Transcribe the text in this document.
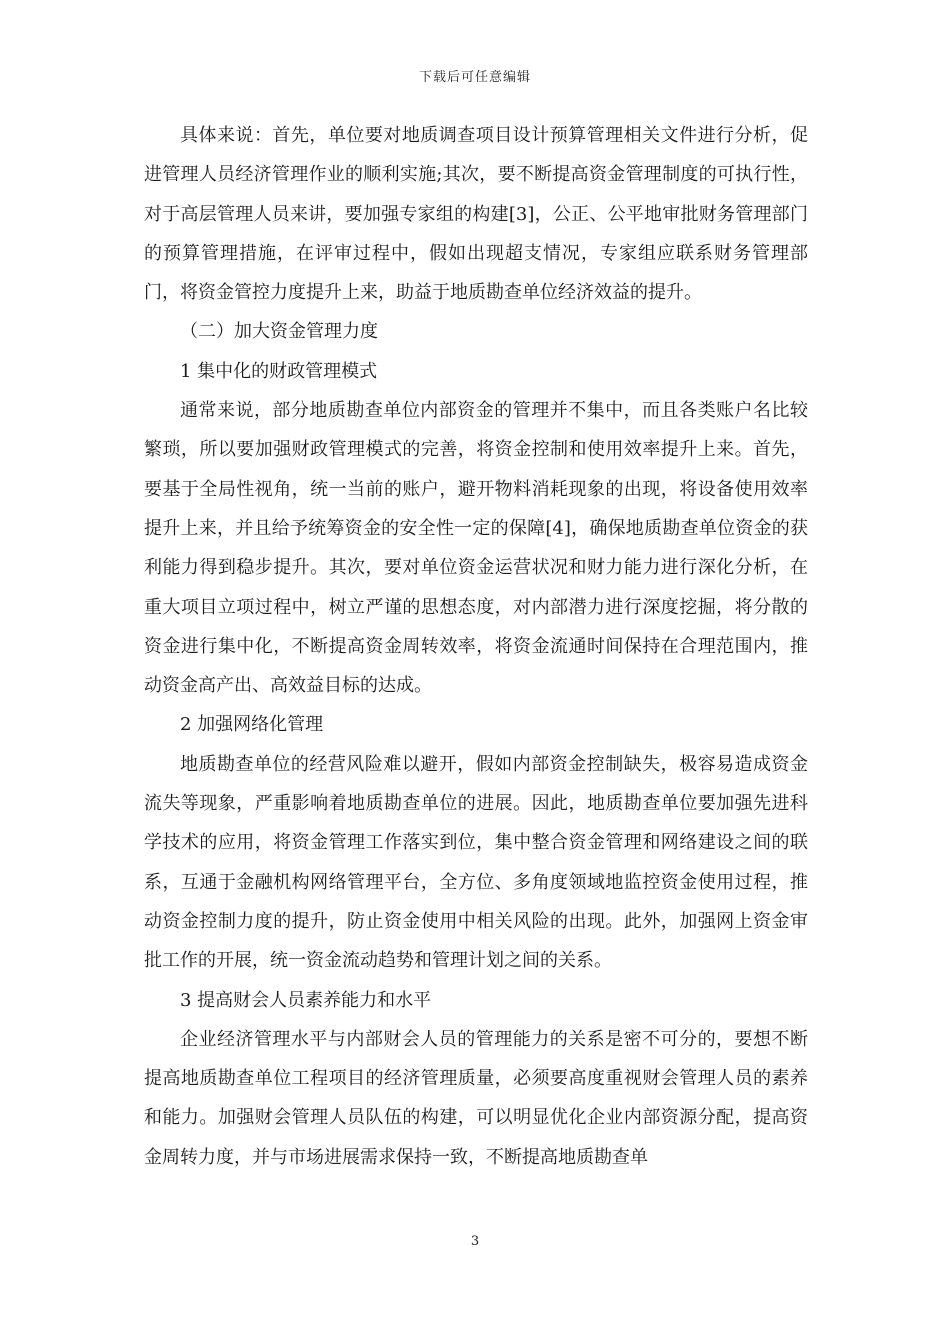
下载后可任意编辑

具体来说：首先，单位要对地质调查项目设计预算管理相关文件进行分析，促进管理人员经济管理作业的顺利实施;其次，要不断提高资金管理制度的可执行性，对于高层管理人员来讲，要加强专家组的构建[3]，公正、公平地审批财务管理部门的预算管理措施，在评审过程中，假如出现超支情况，专家组应联系财务管理部门，将资金管控力度提升上来，助益于地质勘查单位经济效益的提升。

（二）加大资金管理力度

1 集中化的财政管理模式

通常来说，部分地质勘查单位内部资金的管理并不集中，而且各类账户名比较繁琐，所以要加强财政管理模式的完善，将资金控制和使用效率提升上来。首先，要基于全局性视角，统一当前的账户，避开物料消耗现象的出现，将设备使用效率提升上来，并且给予统筹资金的安全性一定的保障[4]，确保地质勘查单位资金的获利能力得到稳步提升。其次，要对单位资金运营状况和财力能力进行深化分析，在重大项目立项过程中，树立严谨的思想态度，对内部潜力进行深度挖掘，将分散的资金进行集中化，不断提高资金周转效率，将资金流通时间保持在合理范围内，推动资金高产出、高效益目标的达成。

2 加强网络化管理

地质勘查单位的经营风险难以避开，假如内部资金控制缺失，极容易造成资金流失等现象，严重影响着地质勘查单位的进展。因此，地质勘查单位要加强先进科学技术的应用，将资金管理工作落实到位，集中整合资金管理和网络建设之间的联系，互通于金融机构网络管理平台，全方位、多角度领域地监控资金使用过程，推动资金控制力度的提升，防止资金使用中相关风险的出现。此外，加强网上资金审批工作的开展，统一资金流动趋势和管理计划之间的关系。

3 提高财会人员素养能力和水平

企业经济管理水平与内部财会人员的管理能力的关系是密不可分的，要想不断提高地质勘查单位工程项目的经济管理质量，必须要高度重视财会管理人员的素养和能力。加强财会管理人员队伍的构建，可以明显优化企业内部资源分配，提高资金周转力度，并与市场进展需求保持一致，不断提高地质勘查单

3
